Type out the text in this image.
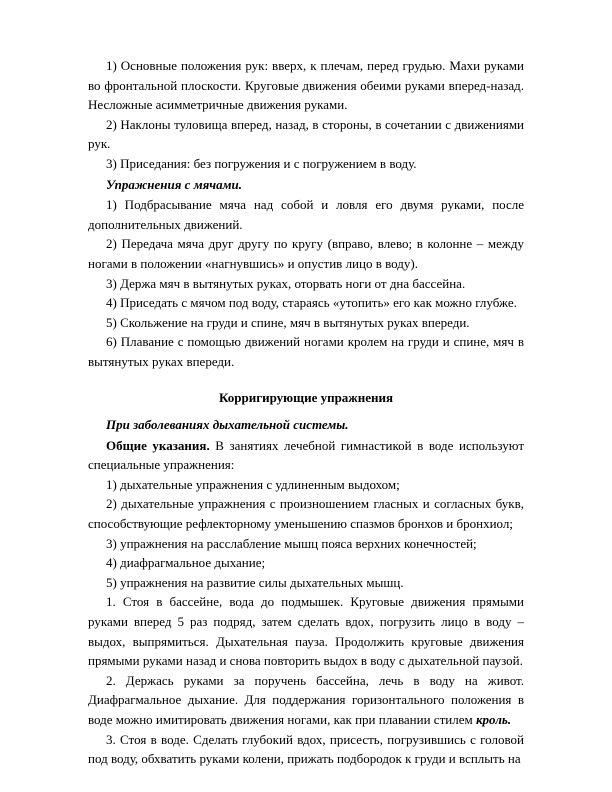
1) Основные положения рук: вверх, к плечам, перед грудью. Махи руками во фронтальной плоскости. Круговые движения обеими руками вперед-назад. Несложные асимметричные движения руками.

2) Наклоны туловища вперед, назад, в стороны, в сочетании с движениями рук.

3) Приседания: без погружения и с погружением в воду.

Упражнения с мячами.

1) Подбрасывание мяча над собой и ловля его двумя руками, после дополнительных движений.

2) Передача мяча друг другу по кругу (вправо, влево; в колонне – между ногами в положении «нагнувшись» и опустив лицо в воду).

3) Держа мяч в вытянутых руках, оторвать ноги от дна бассейна.

4) Приседать с мячом под воду, стараясь «утопить» его как можно глубже.

5) Скольжение на груди и спине, мяч в вытянутых руках впереди.

6) Плавание с помощью движений ногами кролем на груди и спине, мяч в вытянутых руках впереди.

Корригирующие упражнения

При заболеваниях дыхательной системы.

Общие указания. В занятиях лечебной гимнастикой в воде используют специальные упражнения:

1) дыхательные упражнения с удлиненным выдохом;

2) дыхательные упражнения с произношением гласных и согласных букв, способствующие рефлекторному уменьшению спазмов бронхов и бронхиол;

3) упражнения на расслабление мышц пояса верхних конечностей;

4) диафрагмальное дыхание;

5) упражнения на развитие силы дыхательных мышц.

1. Стоя в бассейне, вода до подмышек. Круговые движения прямыми руками вперед 5 раз подряд, затем сделать вдох, погрузить лицо в воду – выдох, выпрямиться. Дыхательная пауза. Продолжить круговые движения прямыми руками назад и снова повторить выдох в воду с дыхательной паузой.

2. Держась руками за поручень бассейна, лечь в воду на живот. Диафрагмальное дыхание. Для поддержания горизонтального положения в воде можно имитировать движения ногами, как при плавании стилем кроль.

3. Стоя в воде. Сделать глубокий вдох, присесть, погрузившись с головой под воду, обхватить руками колени, прижать подбородок к груди и всплыть на
